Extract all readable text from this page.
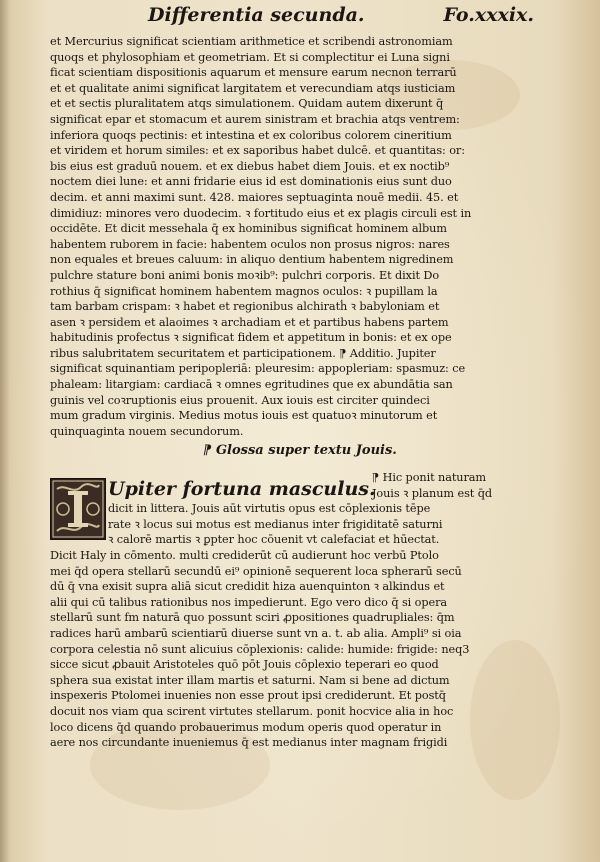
Differentia secunda.	Fo.xxxix.
et Mercurius significat scientiam arithmetice et scribendi astronomiam
quoqs et phylosophiam et geometriam. Et si complectitur ei Luna signi
ficat scientiam dispositionis aquarum et mensure earum necnon terrarū
et et qualitate animi significat largitatem et verecundiam atqs iusticiam
et et sectis pluralitatem atqs simulationem. Quidam autem dixerunt q̄
significat epar et stomacum et aurem sinistram et brachia atqs ventrem:
inferiora quoqs pectinis: et intestina et ex coloribus colorem cineritium
et viridem et horum similes: et ex saporibus habet dulcē. et quantitas: or:
bis eius est graduū nouem. et ex diebus habet diem Jouis. et ex noctib⁹
noctem diei lune: et anni fridarie eius id est dominationis eius sunt duo
decim. et anni maximi sunt. 428. maiores septuaginta nouē medii. 45. et
dimidiuz: minores vero duodecim. ꝛ fortitudo eius et ex plagis circuli est in
occidēte. Et dicit messehala q̄ ex hominibus significat hominem album
habentem ruborem in facie: habentem oculos non prosus nigros: nares
non equales et breues caluum: in aliquo dentium habentem nigredinem
pulchre stature boni animi bonis moꝛib⁹: pulchri corporis. Et dixit Do
rothius q̄ significat hominem habentem magnos oculos: ꝛ pupillam la
tam barbam crispam: ꝛ habet et regionibus alchiratḣ ꝛ babyloniam et
asen ꝛ persidem et alaoimes ꝛ archadiam et et partibus habens partem
habitudinis profectus ꝛ significat fidem et appetitum in bonis: et ex ope
ribus salubritatem securitatem et participationem. ⁋ Additio. Jupiter
significat squinantiam peripopleriā: pleuresim: appopleriam: spasmuz: ce
phaleam: litargiam: cardiacā ꝛ omnes egritudines que ex abundātia san
guinis vel coꝛruptionis eius prouenit. Aux iouis est circiter quindeci
mum gradum virginis. Medius motus iouis est quatuoꝛ minutorum et
quinquaginta nouem secundorum.
⁋ Glossa super textu Jouis.
Upiter fortuna masculus.
⁋ Hic ponit naturam
Jouis ꝛ planum est q̄d
dicit in littera. Jouis aūt virtutis opus est cōplexionis tēpe
rate ꝛ locus sui motus est medianus inter frigiditatē saturni
ꝛ calorē martis ꝛ ꝑpter hoc cōuenit vt calefaciat et hūectat.
Dicit Haly in cōmento. multi crediderūt cū audierunt hoc verbū Ptolo
mei q̄d opera stellarū secundū ei⁹ opinionē sequerent loca spherarū secū
dū q̄ vna exisit supra aliā sicut credidit hiza auenquinton ꝛ alkindus et
alii qui cū talibus rationibus nos impedierunt. Ego vero dico q̄ si opera
stellarū sunt fm naturā quo possunt sciri ꝓpositiones quadrupliales: q̄m
radices harū ambarū scientiarū diuerse sunt vn a. t. ab alia. Ampli⁹ si oia
corpora celestia nō sunt alicuius cōplexionis: calide: humide: frigide: neq3
sicce sicut ꝓbauit Aristoteles quō pōt Jouis cōplexio teperari eo quod
sphera sua existat inter illam martis et saturni. Nam si bene ad dictum
inspexeris Ptolomei inuenies non esse prout ipsi crediderunt. Et postq̄
docuit nos viam qua scirent virtutes stellarum. ponit hocvice alia in hoc
loco dicens q̄d quando probauerimus modum operis quod operatur in
aere nos circundante inueniemus q̄ est medianus inter magnam frigidi
